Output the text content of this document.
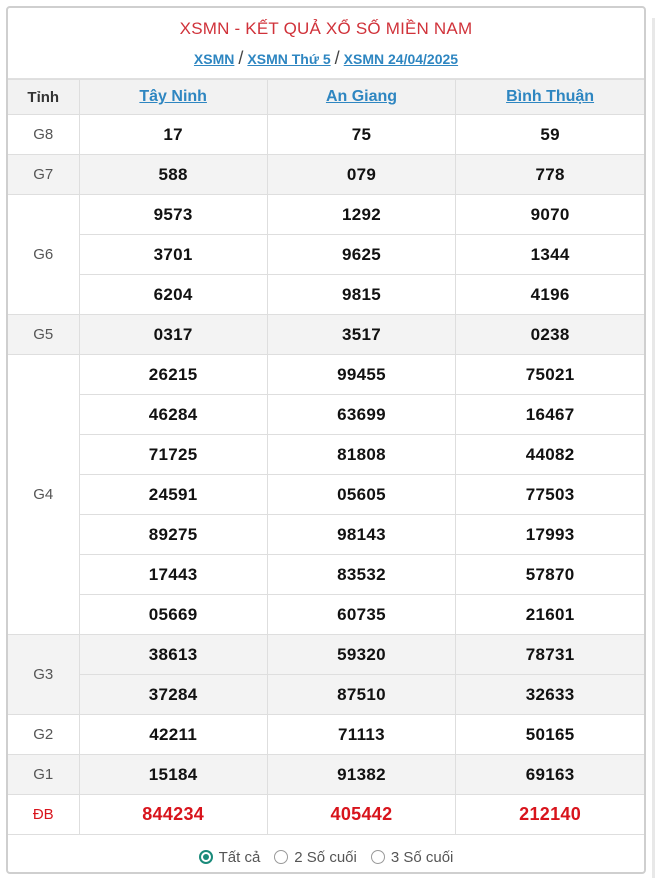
XSMN - KẾT QUẢ XỔ SỐ MIỀN NAM
XSMN / XSMN Thứ 5 / XSMN 24/04/2025
Tỉnh	Tây Ninh	An Giang	Bình Thuận
G8	17	75	59
G7	588	079	778
G6	9573	1292	9070
	3701	9625	1344
	6204	9815	4196
G5	0317	3517	0238
G4	26215	99455	75021
	46284	63699	16467
	71725	81808	44082
	24591	05605	77503
	89275	98143	17993
	17443	83532	57870
	05669	60735	21601
G3	38613	59320	78731
	37284	87510	32633
G2	42211	71113	50165
G1	15184	91382	69163
ĐB	844234	405442	212140
Tất cả 2 Số cuối 3 Số cuối
